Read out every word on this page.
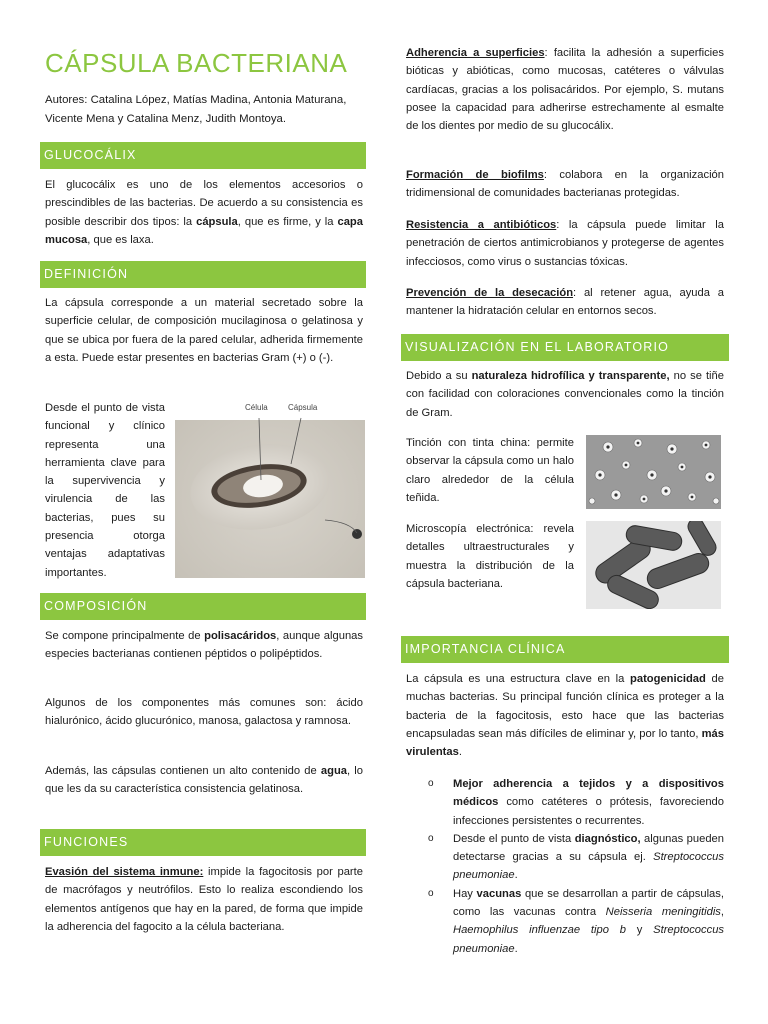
CÁPSULA BACTERIANA
Autores: Catalina López, Matías Madina, Antonia Maturana, Vicente Mena y Catalina Menz, Judith Montoya.
GLUCOCÁLIX
El glucocálix es uno de los elementos accesorios o prescindibles de las bacterias. De acuerdo a su consistencia es posible describir dos tipos: la cápsula, que es firme, y la capa mucosa, que es laxa.
DEFINICIÓN
La cápsula corresponde a un material secretado sobre la superficie celular, de composición mucilaginosa o gelatinosa y que se ubica por fuera de la pared celular, adherida firmemente a esta. Puede estar presentes en bacterias Gram (+) o (-).
Desde el punto de vista funcional y clínico representa una herramienta clave para la supervivencia y virulencia de las bacterias, pues su presencia otorga ventajas adaptativas importantes.
Célula	Cápsula
COMPOSICIÓN
Se compone principalmente de polisacáridos, aunque algunas especies bacterianas contienen péptidos o polipéptidos.
Algunos de los componentes más comunes son: ácido hialurónico, ácido glucurónico, manosa, galactosa y ramnosa.
Además, las cápsulas contienen un alto contenido de agua, lo que les da su característica consistencia gelatinosa.
FUNCIONES
Evasión del sistema inmune: impide la fagocitosis por parte de macrófagos y neutrófilos. Esto lo realiza escondiendo los elementos antígenos que hay en la pared, de forma que impide la adherencia del fagocito a la célula bacteriana.
Adherencia a superficies: facilita la adhesión a superficies bióticas y abióticas, como mucosas, catéteres o válvulas cardíacas, gracias a los polisacáridos. Por ejemplo, S. mutans posee la capacidad para adherirse estrechamente al esmalte de los dientes por medio de su glucocálix.
Formación de biofilms: colabora en la organización tridimensional de comunidades bacterianas protegidas.
Resistencia a antibióticos: la cápsula puede limitar la penetración de ciertos antimicrobianos y protegerse de agentes infecciosos, como virus o sustancias tóxicas.
Prevención de la desecación: al retener agua, ayuda a mantener la hidratación celular en entornos secos.
VISUALIZACIÓN EN EL LABORATORIO
Debido a su naturaleza hidrofílica y transparente, no se tiñe con facilidad con coloraciones convencionales como la tinción de Gram.
Tinción con tinta china: permite observar la cápsula como un halo claro alrededor de la célula teñida.
Microscopía electrónica: revela detalles ultraestructurales y muestra la distribución de la cápsula bacteriana.
IMPORTANCIA CLÍNICA
La cápsula es una estructura clave en la patogenicidad de muchas bacterias. Su principal función clínica es proteger a la bacteria de la fagocitosis, esto hace que las bacterias encapsuladas sean más difíciles de eliminar y, por lo tanto, más virulentas.
o Mejor adherencia a tejidos y a dispositivos médicos como catéteres o prótesis, favoreciendo infecciones persistentes o recurrentes.
o Desde el punto de vista diagnóstico, algunas pueden detectarse gracias a su cápsula ej. Streptococcus pneumoniae.
o Hay vacunas que se desarrollan a partir de cápsulas, como las vacunas contra Neisseria meningitidis, Haemophilus influenzae tipo b y Streptococcus pneumoniae.
